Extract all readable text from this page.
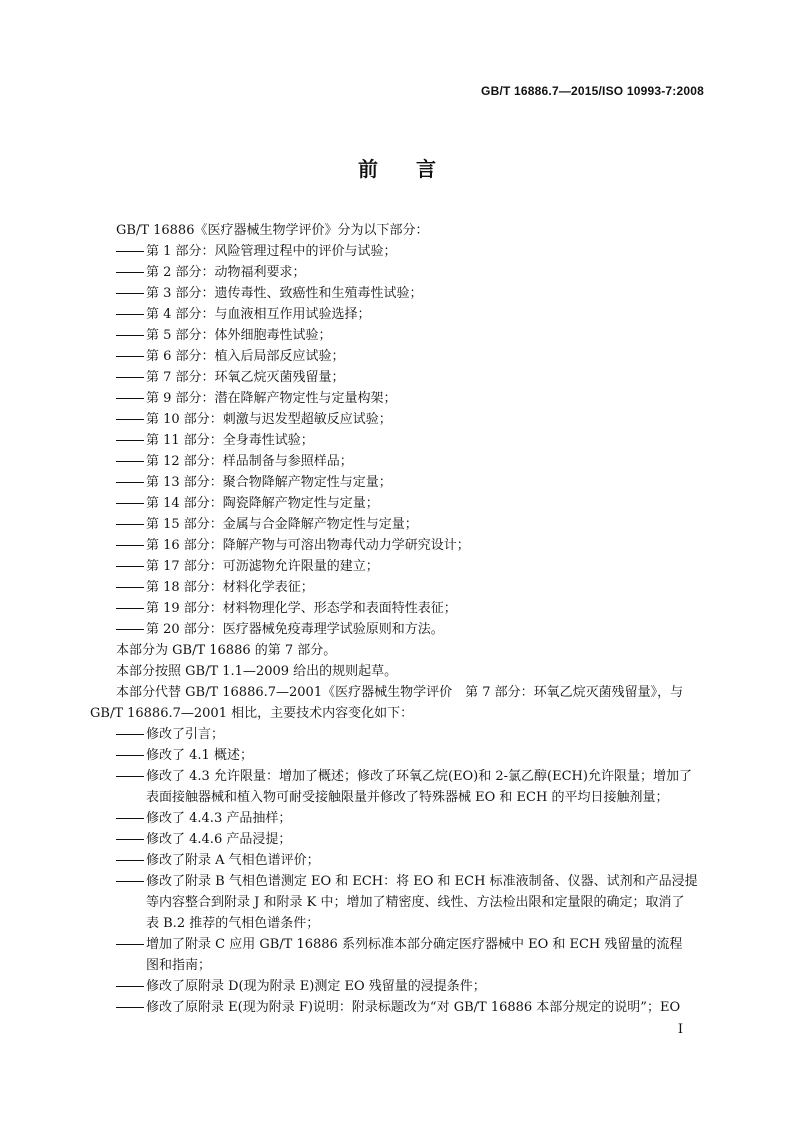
GB/T 16886.7—2015/ISO 10993-7:2008
前 言
GB/T 16886《医疗器械生物学评价》分为以下部分：
第 1 部分：风险管理过程中的评价与试验；
第 2 部分：动物福利要求；
第 3 部分：遗传毒性、致癌性和生殖毒性试验；
第 4 部分：与血液相互作用试验选择；
第 5 部分：体外细胞毒性试验；
第 6 部分：植入后局部反应试验；
第 7 部分：环氧乙烷灭菌残留量；
第 9 部分：潜在降解产物定性与定量构架；
第 10 部分：刺激与迟发型超敏反应试验；
第 11 部分：全身毒性试验；
第 12 部分：样品制备与参照样品；
第 13 部分：聚合物降解产物定性与定量；
第 14 部分：陶瓷降解产物定性与定量；
第 15 部分：金属与合金降解产物定性与定量；
第 16 部分：降解产物与可溶出物毒代动力学研究设计；
第 17 部分：可沥滤物允许限量的建立；
第 18 部分：材料化学表征；
第 19 部分：材料物理化学、形态学和表面特性表征；
第 20 部分：医疗器械免疫毒理学试验原则和方法。
本部分为 GB/T 16886 的第 7 部分。
本部分按照 GB/T 1.1—2009 给出的规则起草。
本部分代替 GB/T 16886.7—2001《医疗器械生物学评价　第 7 部分：环氧乙烷灭菌残留量》，与
GB/T 16886.7—2001 相比，主要技术内容变化如下：
修改了引言；
修改了 4.1 概述；
修改了 4.3 允许限量：增加了概述；修改了环氧乙烷(EO)和 2-氯乙醇(ECH)允许限量；增加了
表面接触器械和植入物可耐受接触限量并修改了特殊器械 EO 和 ECH 的平均日接触剂量；
修改了 4.4.3 产品抽样；
修改了 4.4.6 产品浸提；
修改了附录 A 气相色谱评价；
修改了附录 B 气相色谱测定 EO 和 ECH：将 EO 和 ECH 标准液制备、仪器、试剂和产品浸提
等内容整合到附录 J 和附录 K 中；增加了精密度、线性、方法检出限和定量限的确定；取消了
表 B.2 推荐的气相色谱条件；
增加了附录 C 应用 GB/T 16886 系列标准本部分确定医疗器械中 EO 和 ECH 残留量的流程
图和指南；
修改了原附录 D(现为附录 E)测定 EO 残留量的浸提条件；
修改了原附录 E(现为附录 F)说明：附录标题改为“对 GB/T 16886 本部分规定的说明”；EO
I
